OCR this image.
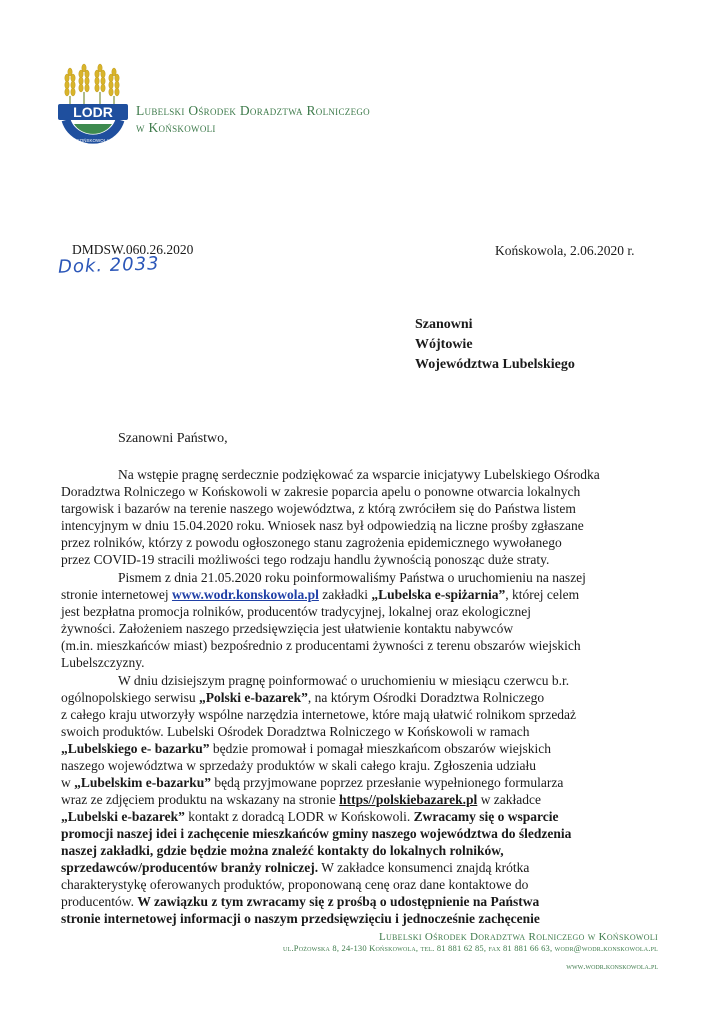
LODR
KOŃSKOWOLA
Lubelski Ośrodek Doradztwa Rolniczego
w Końskowoli
DMDSW.060.26.2020
Dok. 2033
Końskowola, 2.06.2020 r.
Szanowni
Wójtowie
Województwa Lubelskiego
Szanowni Państwo,
Na wstępie pragnę serdecznie podziękować za wsparcie inicjatywy Lubelskiego Ośrodka
Doradztwa Rolniczego w Końskowoli w zakresie poparcia apelu o ponowne otwarcia lokalnych
targowisk i bazarów na terenie naszego województwa, z którą zwróciłem się do Państwa listem
intencyjnym w dniu 15.04.2020 roku. Wniosek nasz był odpowiedzią na liczne prośby zgłaszane
przez rolników, którzy z powodu ogłoszonego stanu zagrożenia epidemicznego wywołanego
przez COVID-19 stracili możliwości tego rodzaju handlu żywnością ponosząc duże straty.
Pismem z dnia 21.05.2020 roku poinformowaliśmy Państwa o uruchomieniu na naszej
stronie internetowej www.wodr.konskowola.pl zakładki „Lubelska e-spiżarnia”, której celem
jest bezpłatna promocja rolników, producentów tradycyjnej, lokalnej oraz ekologicznej
żywności. Założeniem naszego przedsięwzięcia jest ułatwienie kontaktu nabywców
(m.in. mieszkańców miast) bezpośrednio z producentami żywności z terenu obszarów wiejskich
Lubelszczyzny.
W dniu dzisiejszym pragnę poinformować o uruchomieniu w miesiącu czerwcu b.r.
ogólnopolskiego serwisu „Polski e-bazarek”, na którym Ośrodki Doradztwa Rolniczego
z całego kraju utworzyły wspólne narzędzia internetowe, które mają ułatwić rolnikom sprzedaż
swoich produktów. Lubelski Ośrodek Doradztwa Rolniczego w Końskowoli w ramach
„Lubelskiego e- bazarku” będzie promował i pomagał mieszkańcom obszarów wiejskich
naszego województwa w sprzedaży produktów w skali całego kraju. Zgłoszenia udziału
w „Lubelskim e-bazarku” będą przyjmowane poprzez przesłanie wypełnionego formularza
wraz ze zdjęciem produktu na wskazany na stronie https//polskiebazarek.pl w zakładce
„Lubelski e-bazarek” kontakt z doradcą LODR w Końskowoli. Zwracamy się o wsparcie
promocji naszej idei i zachęcenie mieszkańców gminy naszego województwa do śledzenia
naszej zakładki, gdzie będzie można znaleźć kontakty do lokalnych rolników,
sprzedawców/producentów branży rolniczej. W zakładce konsumenci znajdą krótka
charakterystykę oferowanych produktów, proponowaną cenę oraz dane kontaktowe do
producentów. W zawiązku z tym zwracamy się z prośbą o udostępnienie na Państwa
stronie internetowej informacji o naszym przedsięwzięciu i jednocześnie zachęcenie
Lubelski Ośrodek Doradztwa Rolniczego w Końskowoli
ul.Pożowska 8, 24-130 Końskowola, tel. 81 881 62 85, fax 81 881 66 63, wodr@wodr.konskowola.pl
www.wodr.konskowola.pl
